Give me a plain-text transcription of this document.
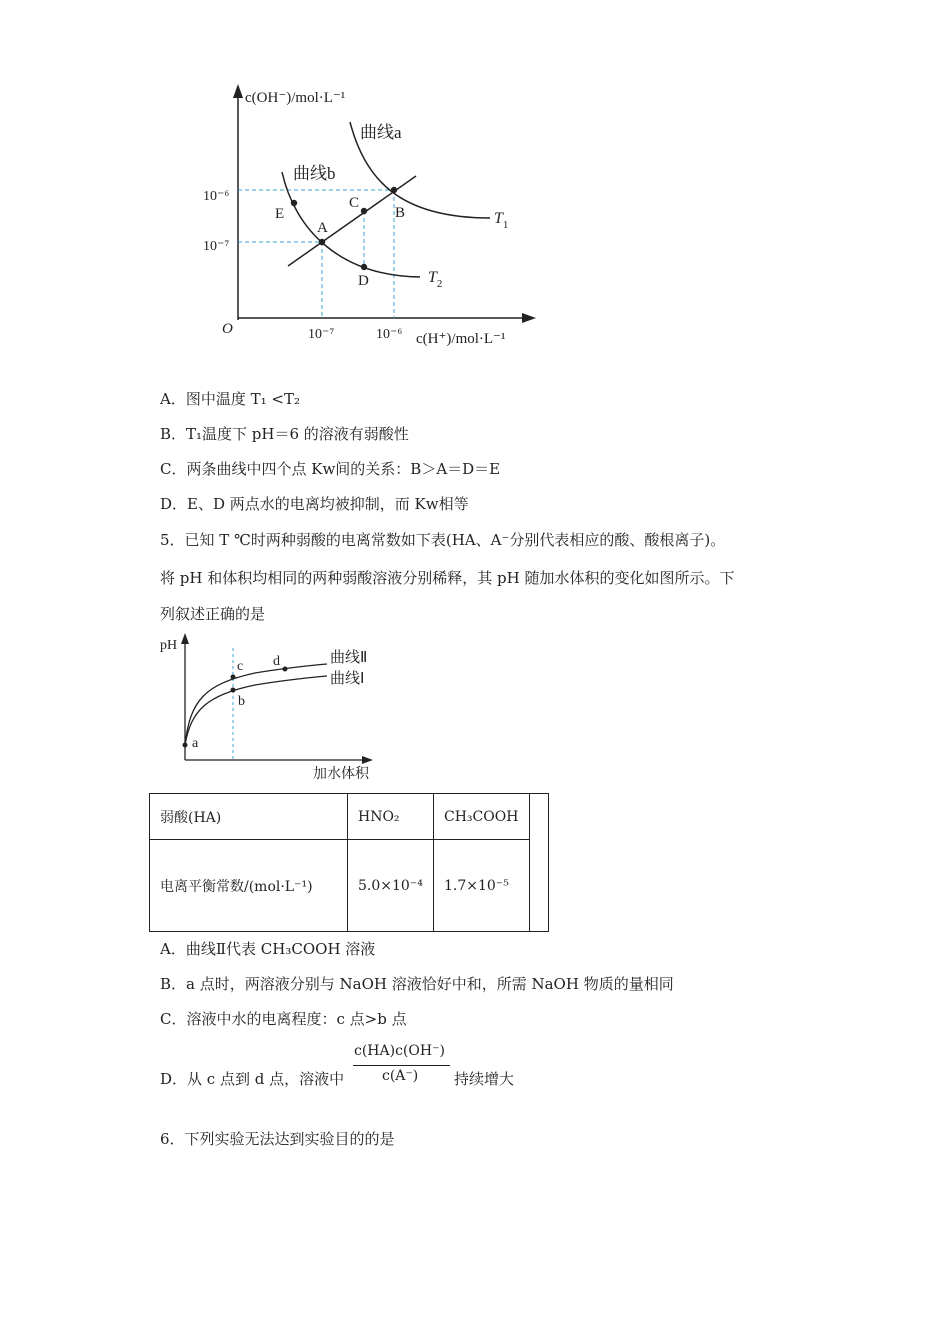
c(OH⁻)/mol·L⁻¹
c(H⁺)/mol·L⁻¹
O
10⁻⁶
10⁻⁷
10⁻⁷	10⁻⁶
曲线a
曲线b
A
B
C
D
E	$T_1$
$T_2$
A．图中温度 T₁ <T₂
B．T₁温度下 pH＝6 的溶液有弱酸性
C．两条曲线中四个点 Kw间的关系：B＞A＝D＝E
D．E、D 两点水的电离均被抑制，而 Kw相等
5．已知 T ℃时两种弱酸的电离常数如下表(HA、A⁻分别代表相应的酸、酸根离子)。
将 pH 和体积均相同的两种弱酸溶液分别稀释，其 pH 随加水体积的变化如图所示。下
列叙述正确的是
pH
加水体积
曲线Ⅱ
曲线Ⅰ
a
b
c d
弱酸(HA)	HNO₂	CH₃COOH	
电离平衡常数/(mol·L⁻¹)	5.0×10⁻⁴	1.7×10⁻⁵	
A．曲线Ⅱ代表 CH₃COOH 溶液
B．a 点时，两溶液分别与 NaOH 溶液恰好中和，所需 NaOH 物质的量相同
C．溶液中水的电离程度：c 点>b 点
D．从 c 点到 d 点，溶液中
c(HA)c(OH⁻)
c(A⁻) 持续增大
6．下列实验无法达到实验目的的是
